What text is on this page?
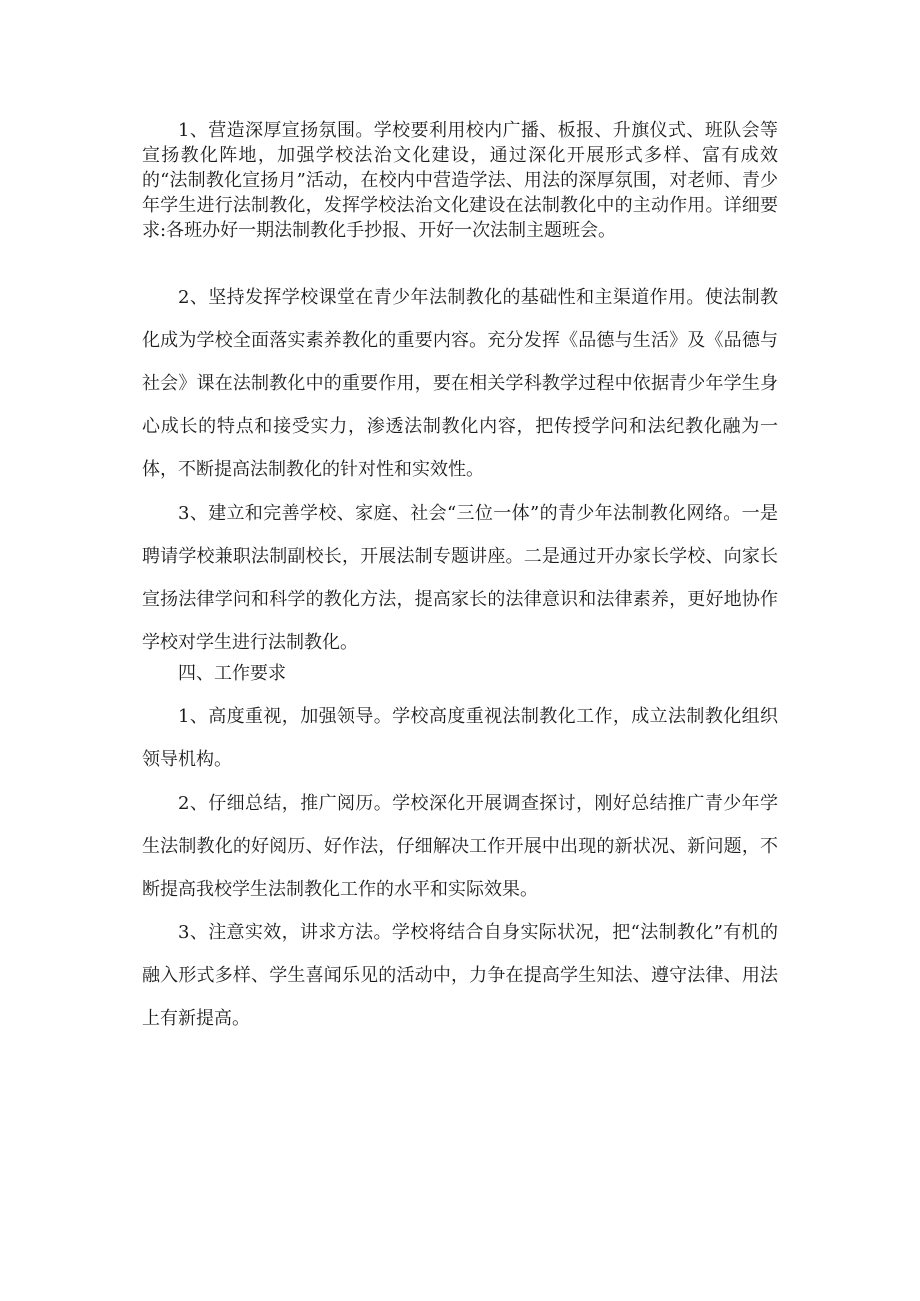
1、营造深厚宣扬氛围。学校要利用校内广播、板报、升旗仪式、班队会等宣扬教化阵地，加强学校法治文化建设，通过深化开展形式多样、富有成效的“法制教化宣扬月”活动，在校内中营造学法、用法的深厚氛围，对老师、青少年学生进行法制教化，发挥学校法治文化建设在法制教化中的主动作用。详细要求:各班办好一期法制教化手抄报、开好一次法制主题班会。

2、坚持发挥学校课堂在青少年法制教化的基础性和主渠道作用。使法制教化成为学校全面落实素养教化的重要内容。充分发挥《品德与生活》及《品德与社会》课在法制教化中的重要作用，要在相关学科教学过程中依据青少年学生身心成长的特点和接受实力，渗透法制教化内容，把传授学问和法纪教化融为一体，不断提高法制教化的针对性和实效性。

3、建立和完善学校、家庭、社会“三位一体”的青少年法制教化网络。一是聘请学校兼职法制副校长，开展法制专题讲座。二是通过开办家长学校、向家长宣扬法律学问和科学的教化方法，提高家长的法律意识和法律素养，更好地协作学校对学生进行法制教化。

四、工作要求

1、高度重视，加强领导。学校高度重视法制教化工作，成立法制教化组织领导机构。

2、仔细总结，推广阅历。学校深化开展调查探讨，刚好总结推广青少年学生法制教化的好阅历、好作法，仔细解决工作开展中出现的新状况、新问题，不断提高我校学生法制教化工作的水平和实际效果。

3、注意实效，讲求方法。学校将结合自身实际状况，把“法制教化”有机的融入形式多样、学生喜闻乐见的活动中，力争在提高学生知法、遵守法律、用法上有新提高。
